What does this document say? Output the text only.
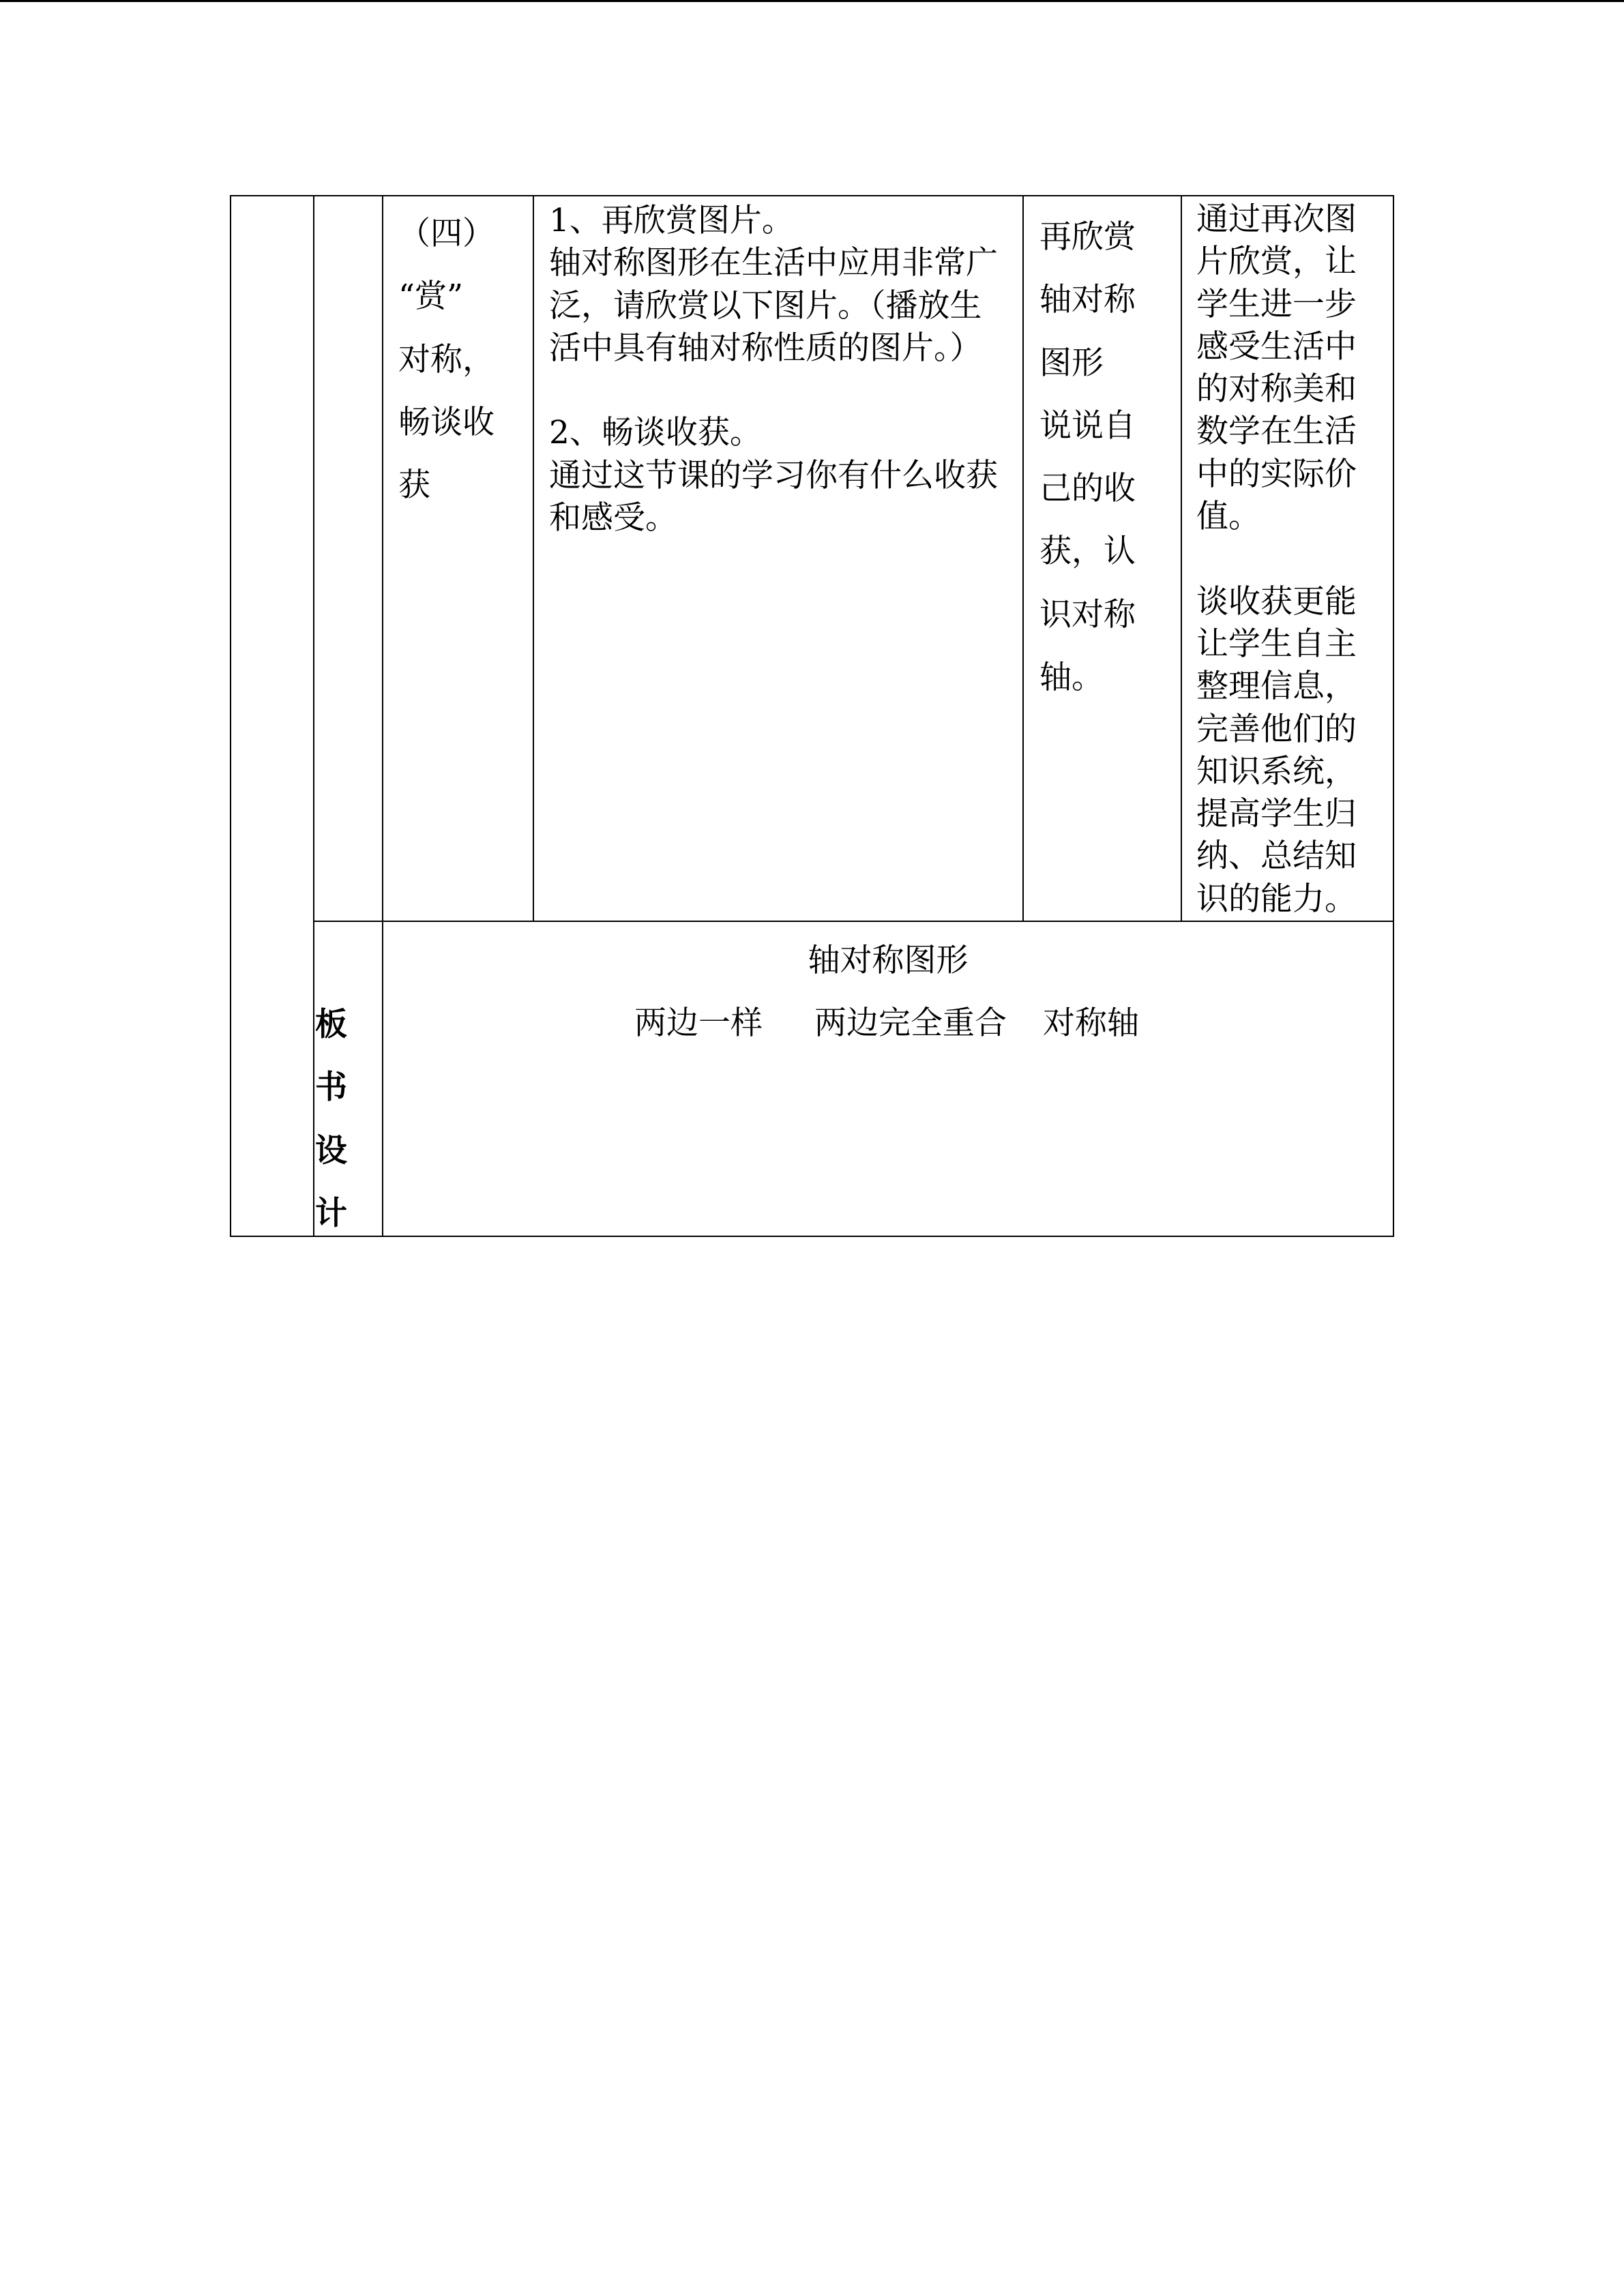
（四）
“赏”
对称，
畅谈收
获
1、再欣赏图片。
轴对称图形在生活中应用非常广
泛，请欣赏以下图片。（播放生
活中具有轴对称性质的图片。）
2、畅谈收获。
通过这节课的学习你有什么收获
和感受。
再欣赏
轴对称
图形
说说自
己的收
获，认
识对称
轴。
通过再次图
片欣赏，让
学生进一步
感受生活中
的对称美和
数学在生活
中的实际价
值。
谈收获更能
让学生自主
整理信息，
完善他们的
知识系统，
提高学生归
纳、总结知
识的能力。
板
书
设
计
轴对称图形
两边一样 两边完全重合 对称轴
